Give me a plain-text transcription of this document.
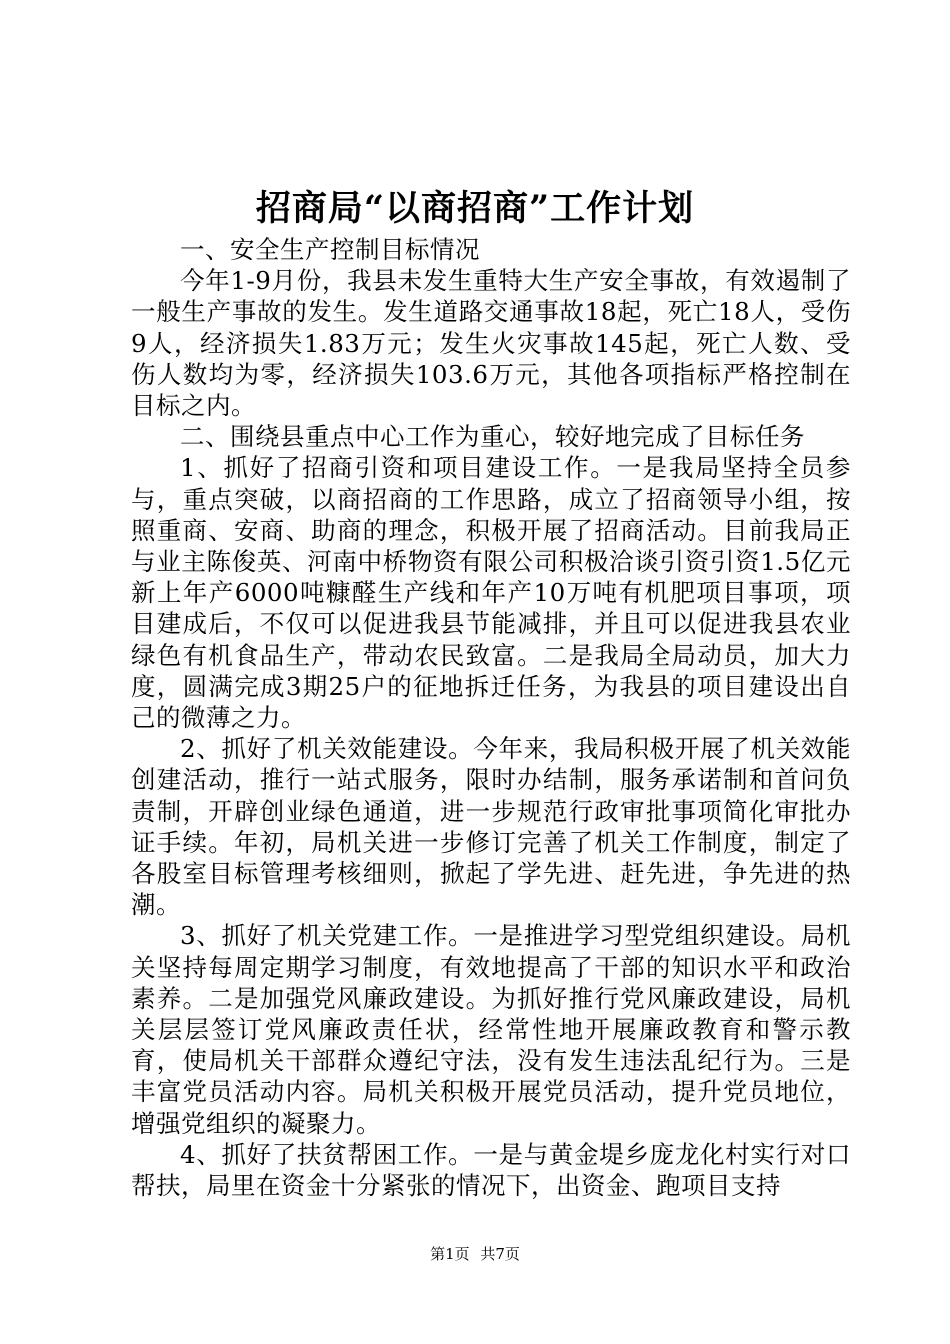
招商局“以商招商”工作计划

一、安全生产控制目标情况

今年1-9月份，我县未发生重特大生产安全事故，有效遏制了一般生产事故的发生。发生道路交通事故18起，死亡18人，受伤9人，经济损失1.83万元；发生火灾事故145起，死亡人数、受伤人数均为零，经济损失103.6万元，其他各项指标严格控制在目标之内。

二、围绕县重点中心工作为重心，较好地完成了目标任务

1、抓好了招商引资和项目建设工作。一是我局坚持全员参与，重点突破，以商招商的工作思路，成立了招商领导小组，按照重商、安商、助商的理念，积极开展了招商活动。目前我局正与业主陈俊英、河南中桥物资有限公司积极洽谈引资引资1.5亿元新上年产6000吨糠醛生产线和年产10万吨有机肥项目事项，项目建成后，不仅可以促进我县节能减排，并且可以促进我县农业绿色有机食品生产，带动农民致富。二是我局全局动员，加大力度，圆满完成3期25户的征地拆迁任务，为我县的项目建设出自己的微薄之力。

2、抓好了机关效能建设。今年来，我局积极开展了机关效能创建活动，推行一站式服务，限时办结制，服务承诺制和首问负责制，开辟创业绿色通道，进一步规范行政审批事项简化审批办证手续。年初，局机关进一步修订完善了机关工作制度，制定了各股室目标管理考核细则，掀起了学先进、赶先进，争先进的热潮。

3、抓好了机关党建工作。一是推进学习型党组织建设。局机关坚持每周定期学习制度，有效地提高了干部的知识水平和政治素养。二是加强党风廉政建设。为抓好推行党风廉政建设，局机关层层签订党风廉政责任状，经常性地开展廉政教育和警示教育，使局机关干部群众遵纪守法，没有发生违法乱纪行为。三是丰富党员活动内容。局机关积极开展党员活动，提升党员地位，增强党组织的凝聚力。

4、抓好了扶贫帮困工作。一是与黄金堤乡庞龙化村实行对口帮扶，局里在资金十分紧张的情况下，出资金、跑项目支持

第1页 共7页
